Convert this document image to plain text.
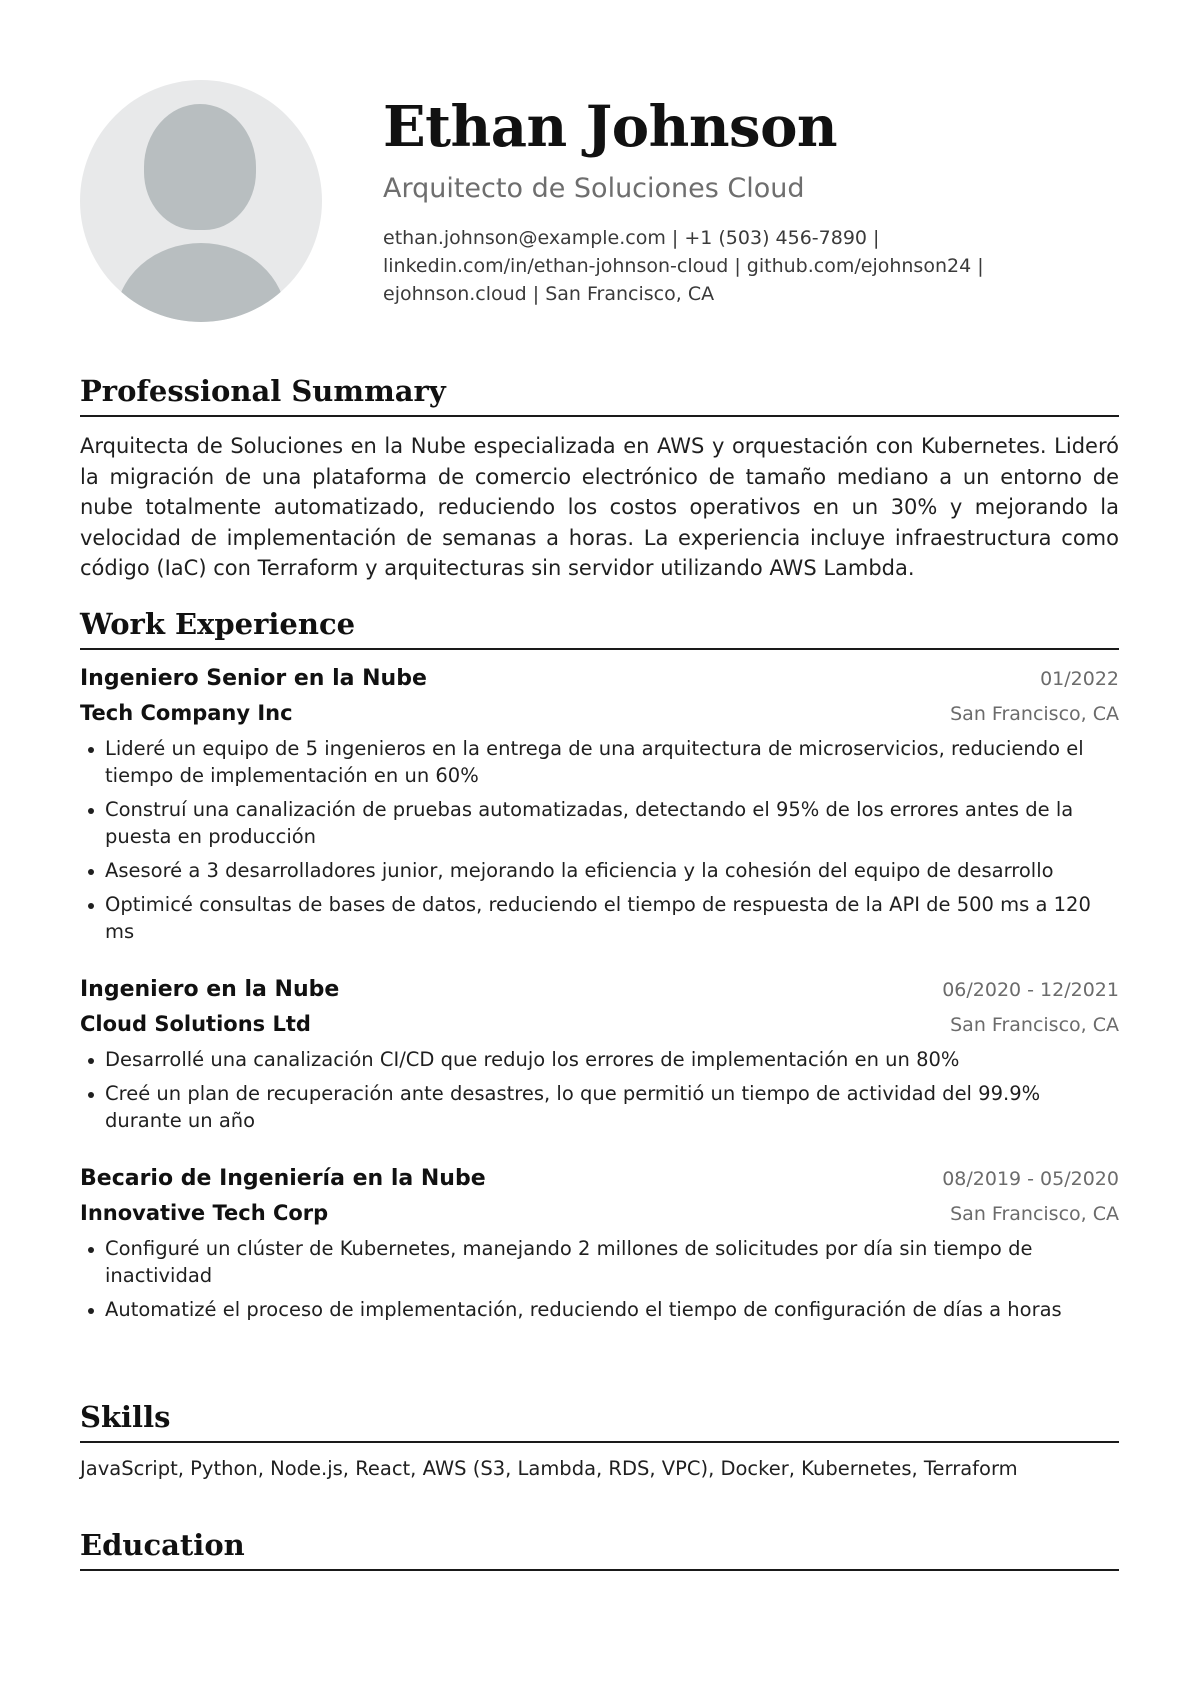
Ethan Johnson
Arquitecto de Soluciones Cloud
ethan.johnson@example.com | +1 (503) 456-7890 |
linkedin.com/in/ethan-johnson-cloud | github.com/ejohnson24 |
ejohnson.cloud | San Francisco, CA
Professional Summary
Arquitecta de Soluciones en la Nube especializada en AWS y orquestación con Kubernetes. Lideró la migración de una plataforma de comercio electrónico de tamaño mediano a un entorno de nube totalmente automatizado, reduciendo los costos operativos en un 30% y mejorando la velocidad de implementación de semanas a horas. La experiencia incluye infraestructura como código (IaC) con Terraform y arquitecturas sin servidor utilizando AWS Lambda.
Work Experience
Ingeniero Senior en la Nube	01/2022
Tech Company Inc	San Francisco, CA
Lideré un equipo de 5 ingenieros en la entrega de una arquitectura de microservicios, reduciendo el tiempo de implementación en un 60%
Construí una canalización de pruebas automatizadas, detectando el 95% de los errores antes de la puesta en producción
Asesoré a 3 desarrolladores junior, mejorando la eficiencia y la cohesión del equipo de desarrollo
Optimicé consultas de bases de datos, reduciendo el tiempo de respuesta de la API de 500 ms a 120 ms
Ingeniero en la Nube	06/2020 - 12/2021
Cloud Solutions Ltd	San Francisco, CA
Desarrollé una canalización CI/CD que redujo los errores de implementación en un 80%
Creé un plan de recuperación ante desastres, lo que permitió un tiempo de actividad del 99.9% durante un año
Becario de Ingeniería en la Nube	08/2019 - 05/2020
Innovative Tech Corp	San Francisco, CA
Configuré un clúster de Kubernetes, manejando 2 millones de solicitudes por día sin tiempo de inactividad
Automatizé el proceso de implementación, reduciendo el tiempo de configuración de días a horas
Skills
JavaScript, Python, Node.js, React, AWS (S3, Lambda, RDS, VPC), Docker, Kubernetes, Terraform
Education
